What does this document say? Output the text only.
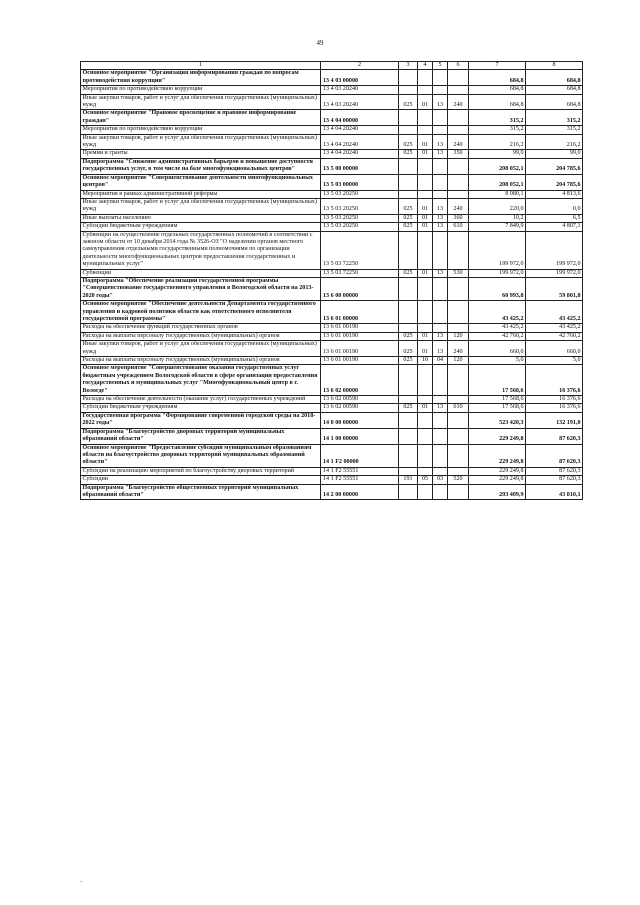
49
1	2	3	4	5	6	7	8
Основное мероприятие "Организация информирования граждан по вопросам противодействия коррупции"	13 4 03 00000					684,8	684,8
Мероприятия по противодействию коррупции	13 4 03 20240					684,8	684,8
Иные закупки товаров, работ и услуг для обеспечения государственных (муниципальных) нужд	13 4 03 20240	025	01	13	240	684,8	684,8
Основное мероприятие "Правовое просвещение и правовое информирование граждан"	13 4 04 00000					315,2	315,2
Мероприятия по противодействию коррупции	13 4 04 20240					315,2	315,2
Иные закупки товаров, работ и услуг для обеспечения государственных (муниципальных) нужд	13 4 04 20240	025	01	13	240	216,2	216,2
Премии и гранты	13 4 04 20240	025	01	13	350	99,0	99,0
Подпрограмма "Снижение административных барьеров и повышение доступности государственных услуг, в том числе на базе многофункциональных центров"	13 5 00 00000					208 052,1	204 785,6
Основное мероприятие "Совершенствование деятельности многофункциональных центров"	13 5 03 00000					208 052,1	204 785,6
Мероприятия в рамках административной реформы	13 5 03 20250					8 080,1	4 813,6
Иные закупки товаров, работ и услуг для обеспечения государственных (муниципальных) нужд	13 5 03 20250	025	01	13	240	220,0	0,0
Иные выплаты населению	13 5 03 20250	025	01	13	360	10,2	6,5
Субсидии бюджетным учреждениям	13 5 03 20250	025	01	13	610	7 849,9	4 807,1
Субвенции на осуществление отдельных государственных полномочий в соответствии с законом области от 10 декабря 2014 года № 3526-ОЗ "О наделении органов местного самоуправления отдельными государственными полномочиями по организации деятельности многофункциональных центров предоставления государственных и муниципальных услуг"	13 5 03 72250					199 972,0	199 972,0
Субвенции	13 5 03 72250	025	01	13	530	199 972,0	199 972,0
Подпрограмма "Обеспечение реализации государственной программы "Совершенствование государственного управления в Вологодской области на 2013-2020 годы"	13 6 00 00000					60 993,8	59 801,8
Основное мероприятие "Обеспечение деятельности Департамента государственного управления и кадровой политики области как ответственного исполнителя государственной программы"	13 6 01 00000					43 425,2	43 425,2
Расходы на обеспечение функций государственных органов	13 6 01 00190					43 425,2	43 425,2
Расходы на выплаты персоналу государственных (муниципальных) органов	13 6 01 00190	025	01	13	120	42 760,2	42 760,2
Иные закупки товаров, работ и услуг для обеспечения государственных (муниципальных) нужд	13 6 01 00190	025	01	13	240	660,0	660,0
Расходы на выплаты персоналу государственных (муниципальных) органов	13 6 01 00190	025	10	04	120	5,0	5,0
Основное мероприятие "Совершенствование оказания государственных услуг бюджетным учреждением Вологодской области в сфере организации предоставления государственных и муниципальных услуг "Многофункциональный центр в г. Вологде"	13 6 02 00000					17 568,6	16 376,6
Расходы на обеспечение деятельности (оказание услуг) государственных учреждений	13 6 02 00590					17 568,6	16 376,6
Субсидии бюджетным учреждениям	13 6 02 00590	025	01	13	610	17 568,6	16 376,6
Государственная программа "Формирование современной городской среды на 2018-2022 годы"	14 0 00 00000					523 420,3	132 191,0
Подпрограмма "Благоустройство дворовых территорий муниципальных образований области"	14 1 00 00000					229 249,8	87 620,3
Основное мероприятие "Предоставление субсидий муниципальным образованиям области на благоустройство дворовых территорий муниципальных образований области"	14 1 F2 00000					229 249,8	87 620,3
Субсидии на реализацию мероприятий по благоустройству дворовых территорий	14 1 F2 55551					229 249,8	87 620,3
Субсидии	14 1 F2 55551	191	05	03	520	229 249,8	87 620,3
Подпрограмма "Благоустройство общественных территорий муниципальных образований области"	14 2 00 00000					293 409,9	43 810,1
..
